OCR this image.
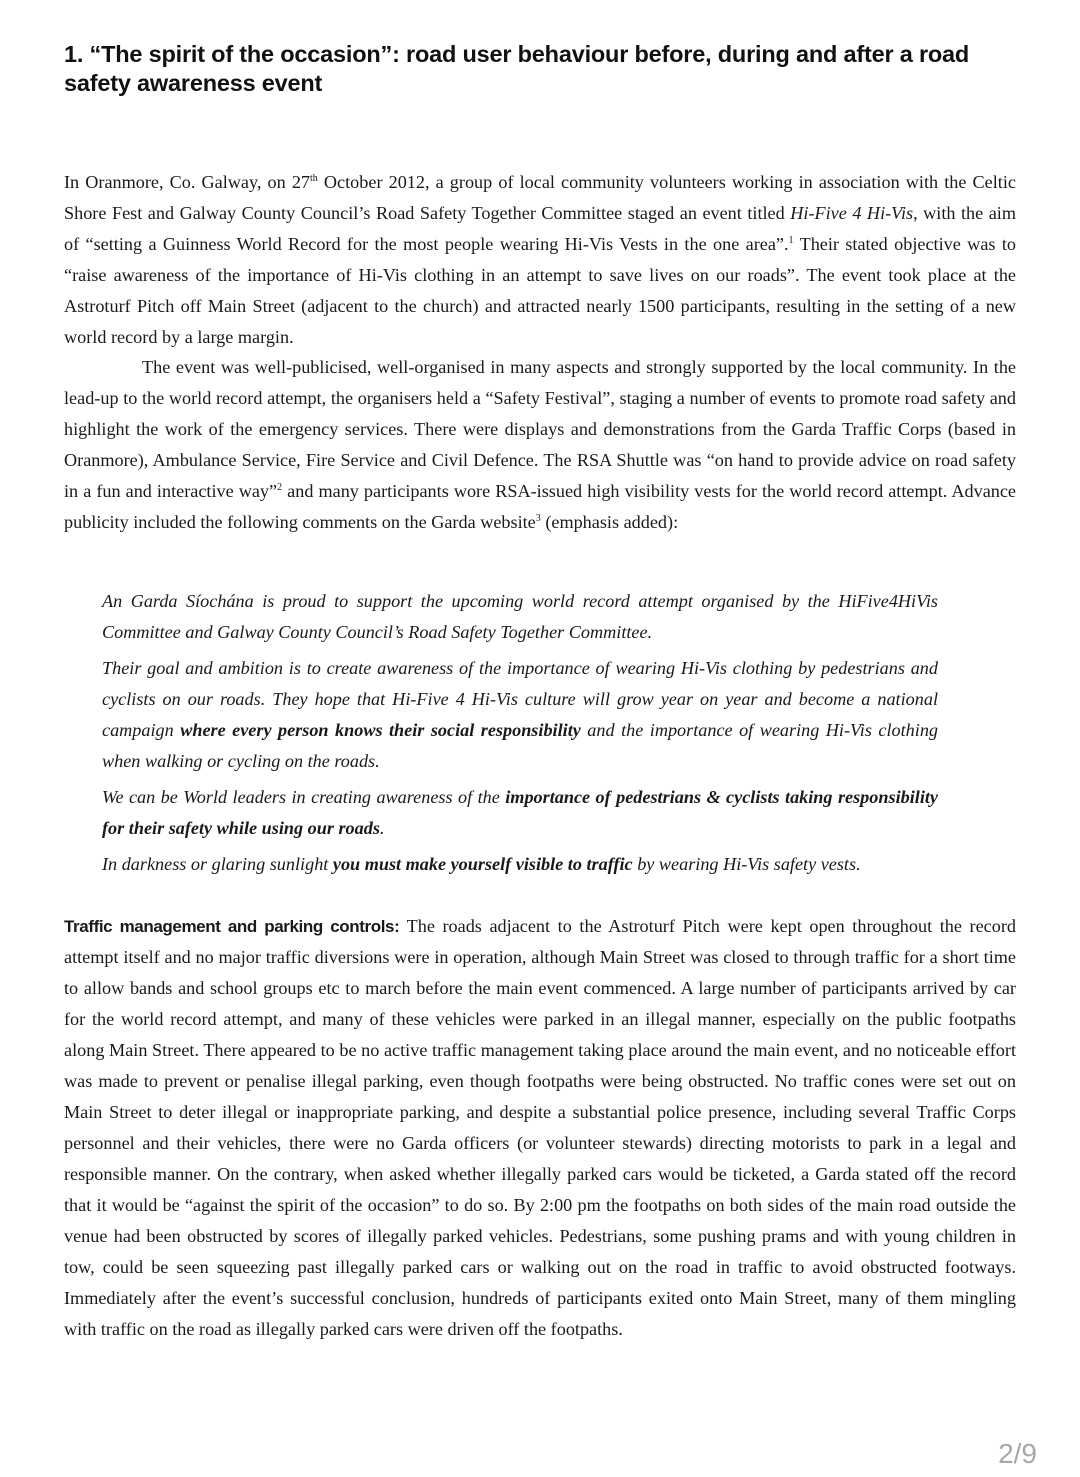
1. “The spirit of the occasion”: road user behaviour before, during and after a road safety awareness event

In Oranmore, Co. Galway, on 27th October 2012, a group of local community volunteers working in association with the Celtic Shore Fest and Galway County Council’s Road Safety Together Committee staged an event titled Hi-Five 4 Hi-Vis, with the aim of “setting a Guinness World Record for the most people wearing Hi-Vis Vests in the one area”.$^1$ Their stated objective was to “raise awareness of the importance of Hi-Vis clothing in an attempt to save lives on our roads”. The event took place at the Astroturf Pitch off Main Street (adjacent to the church) and attracted nearly 1500 participants, resulting in the setting of a new world record by a large margin.

The event was well-publicised, well-organised in many aspects and strongly supported by the local community. In the lead-up to the world record attempt, the organisers held a “Safety Festival”, staging a number of events to promote road safety and highlight the work of the emergency services. There were displays and demonstrations from the Garda Traffic Corps (based in Oranmore), Ambulance Service, Fire Service and Civil Defence. The RSA Shuttle was “on hand to provide advice on road safety in a fun and interactive way”$^2$ and many participants wore RSA-issued high visibility vests for the world record attempt. Advance publicity included the following comments on the Garda website$^3$ (emphasis added):

An Garda Síochána is proud to support the upcoming world record attempt organised by the HiFive4HiVis Committee and Galway County Council’s Road Safety Together Committee.

Their goal and ambition is to create awareness of the importance of wearing Hi-Vis clothing by pedestrians and cyclists on our roads. They hope that Hi-Five 4 Hi-Vis culture will grow year on year and become a national campaign where every person knows their social responsibility and the importance of wearing Hi-Vis clothing when walking or cycling on the roads.

We can be World leaders in creating awareness of the importance of pedestrians & cyclists taking responsibility for their safety while using our roads.

In darkness or glaring sunlight you must make yourself visible to traffic by wearing Hi-Vis safety vests.

Traffic management and parking controls: The roads adjacent to the Astroturf Pitch were kept open throughout the record attempt itself and no major traffic diversions were in operation, although Main Street was closed to through traffic for a short time to allow bands and school groups etc to march before the main event commenced. A large number of participants arrived by car for the world record attempt, and many of these vehicles were parked in an illegal manner, especially on the public footpaths along Main Street. There appeared to be no active traffic management taking place around the main event, and no noticeable effort was made to prevent or penalise illegal parking, even though footpaths were being obstructed. No traffic cones were set out on Main Street to deter illegal or inappropriate parking, and despite a substantial police presence, including several Traffic Corps personnel and their vehicles, there were no Garda officers (or volunteer stewards) directing motorists to park in a legal and responsible manner. On the contrary, when asked whether illegally parked cars would be ticketed, a Garda stated off the record that it would be “against the spirit of the occasion” to do so. By 2:00 pm the footpaths on both sides of the main road outside the venue had been obstructed by scores of illegally parked vehicles. Pedestrians, some pushing prams and with young children in tow, could be seen squeezing past illegally parked cars or walking out on the road in traffic to avoid obstructed footways. Immediately after the event’s successful conclusion, hundreds of participants exited onto Main Street, many of them mingling with traffic on the road as illegally parked cars were driven off the footpaths.

2/9
